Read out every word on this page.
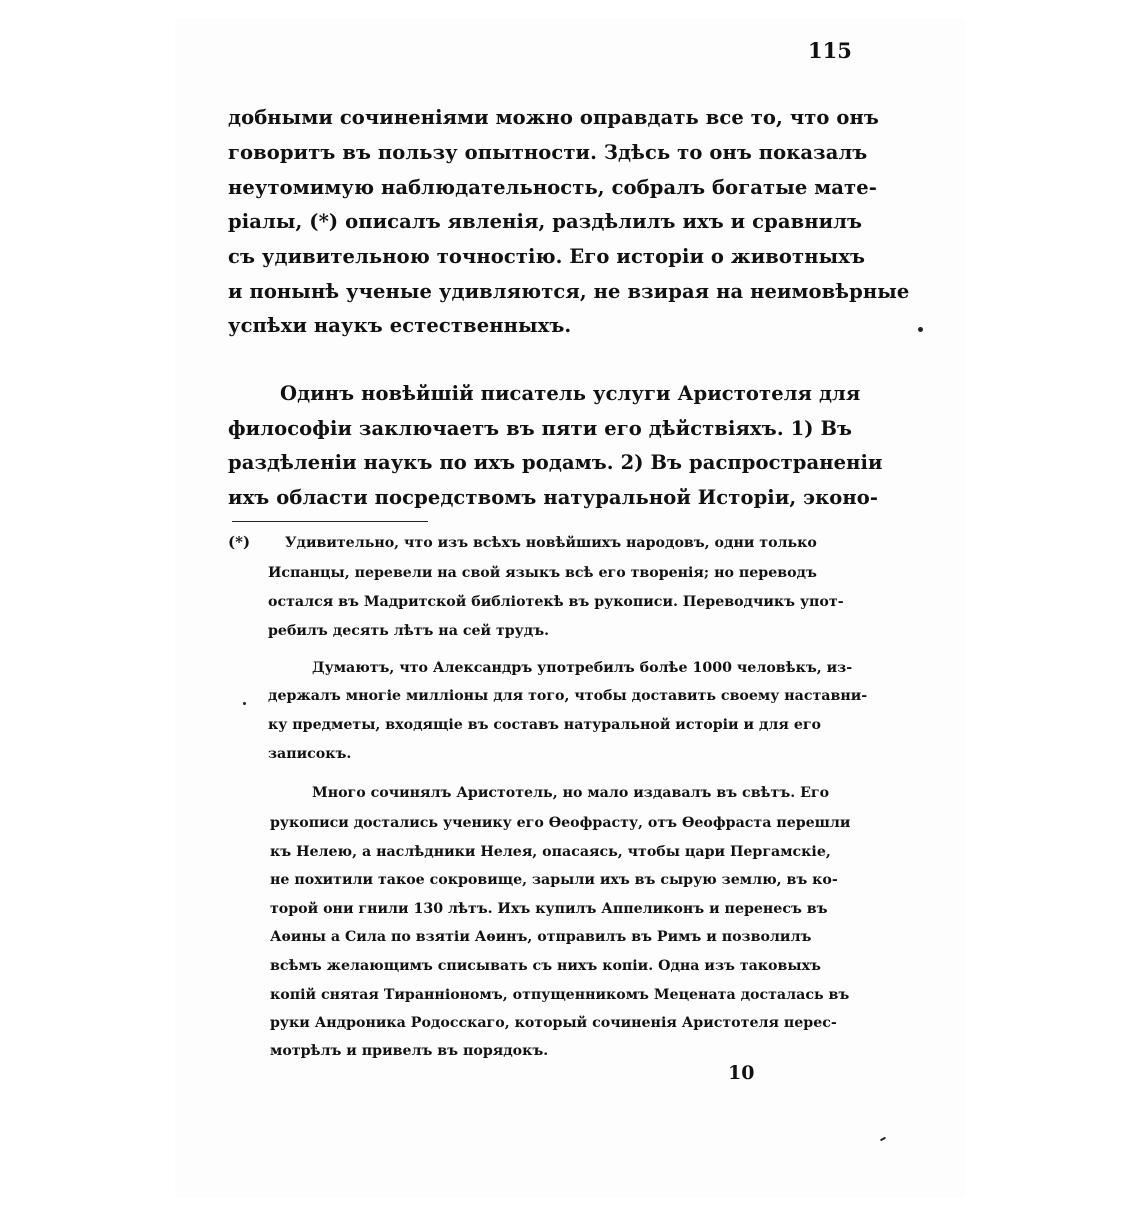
115
добными сочиненіями можно оправдать все то, что онъ
говоритъ въ пользу опытности. Здѣсь то онъ показалъ
неутомимую наблюдательность, собралъ богатые мате-
ріалы, (*) описалъ явленія, раздѣлилъ ихъ и сравнилъ
съ удивительною точностію. Его исторіи о животныхъ
и понынѣ ученые удивляются, не взирая на неимовѣрные
успѣхи наукъ естественныхъ.
Одинъ новѣйшій писатель услуги Аристотеля для
философіи заключаетъ въ пяти его дѣйствіяхъ. 1) Въ
раздѣленіи наукъ по ихъ родамъ. 2) Въ распространеніи
ихъ области посредствомъ натуральной Исторіи, эконо-
(*) Удивительно, что изъ всѣхъ новѣйшихъ народовъ, одни только
Испанцы, перевели на свой языкъ всѣ его творенія; но переводъ
остался въ Мадритской библіотекѣ въ рукописи. Переводчикъ упот-
ребилъ десять лѣтъ на сей трудъ.
Думаютъ, что Александръ употребилъ болѣе 1000 человѣкъ, из-
держалъ многіе милліоны для того, чтобы доставить своему наставни-
ку предметы, входящіе въ составъ натуральной исторіи и для его
записокъ.
Много сочинялъ Аристотель, но мало издавалъ въ свѣтъ. Его
рукописи достались ученику его Ѳеофрасту, отъ Ѳеофраста перешли
къ Нелею, а наслѣдники Нелея, опасаясь, чтобы цари Пергамскіе,
не похитили такое сокровище, зарыли ихъ въ сырую землю, въ ко-
торой они гнили 130 лѣтъ. Ихъ купилъ Аппеликонъ и перенесъ въ
Аѳины а Сила по взятіи Аѳинъ, отправилъ въ Римъ и позволилъ
всѣмъ желающимъ списывать съ нихъ копіи. Одна изъ таковыхъ
копій снятая Тираннiономъ, отпущенникомъ Мецената досталась въ
руки Андроника Родосскаго, который сочиненія Аристотеля перес-
мотрѣлъ и привелъ въ порядокъ.
10
